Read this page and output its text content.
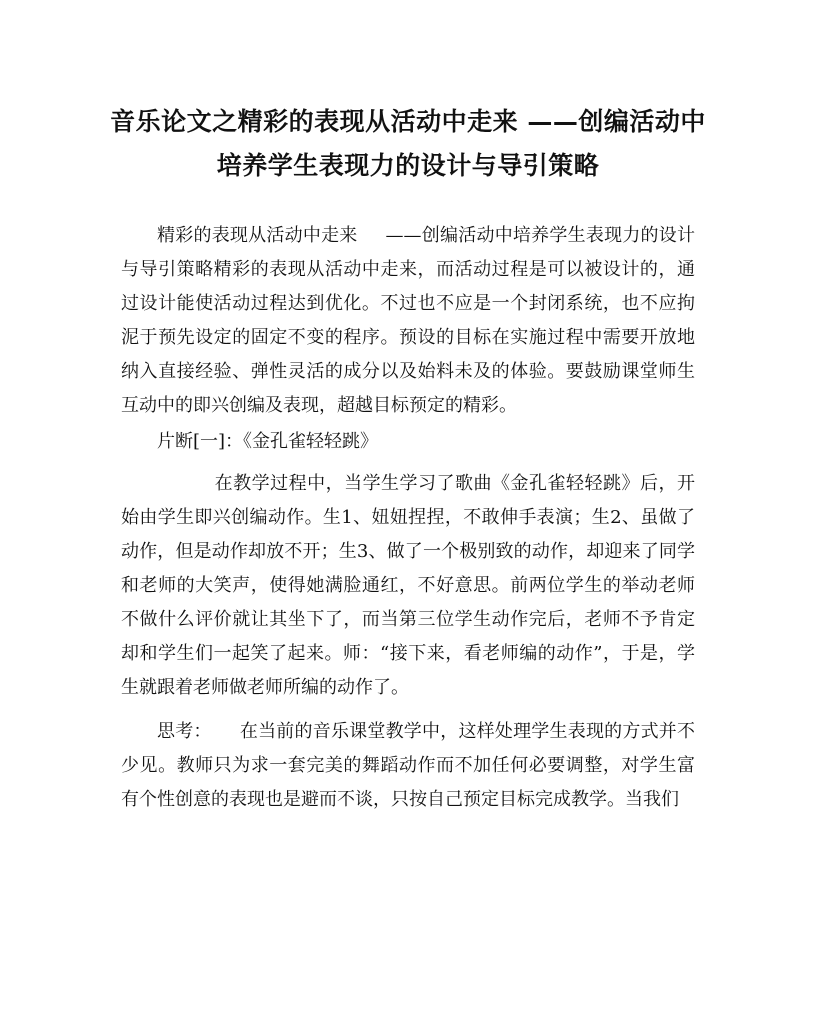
音乐论文之精彩的表现从活动中走来 ——创编活动中
培养学生表现力的设计与导引策略

精彩的表现从活动中走来 ——创编活动中培养学生表现力的设计与导引策略精彩的表现从活动中走来，而活动过程是可以被设计的，通过设计能使活动过程达到优化。不过也不应是一个封闭系统，也不应拘泥于预先设定的固定不变的程序。预设的目标在实施过程中需要开放地纳入直接经验、弹性灵活的成分以及始料未及的体验。要鼓励课堂师生互动中的即兴创编及表现，超越目标预定的精彩。

片断[一]：《金孔雀轻轻跳》

在教学过程中，当学生学习了歌曲《金孔雀轻轻跳》后，开始由学生即兴创编动作。生1、妞妞捏捏，不敢伸手表演；生2、虽做了动作，但是动作却放不开；生3、做了一个极别致的动作，却迎来了同学和老师的大笑声，使得她满脸通红，不好意思。前两位学生的举动老师不做什么评价就让其坐下了，而当第三位学生动作完后，老师不予肯定却和学生们一起笑了起来。师：“接下来，看老师编的动作”，于是，学生就跟着老师做老师所编的动作了。

思考： 在当前的音乐课堂教学中，这样处理学生表现的方式并不少见。教师只为求一套完美的舞蹈动作而不加任何必要调整，对学生富有个性创意的表现也是避而不谈，只按自己预定目标完成教学。当我们
